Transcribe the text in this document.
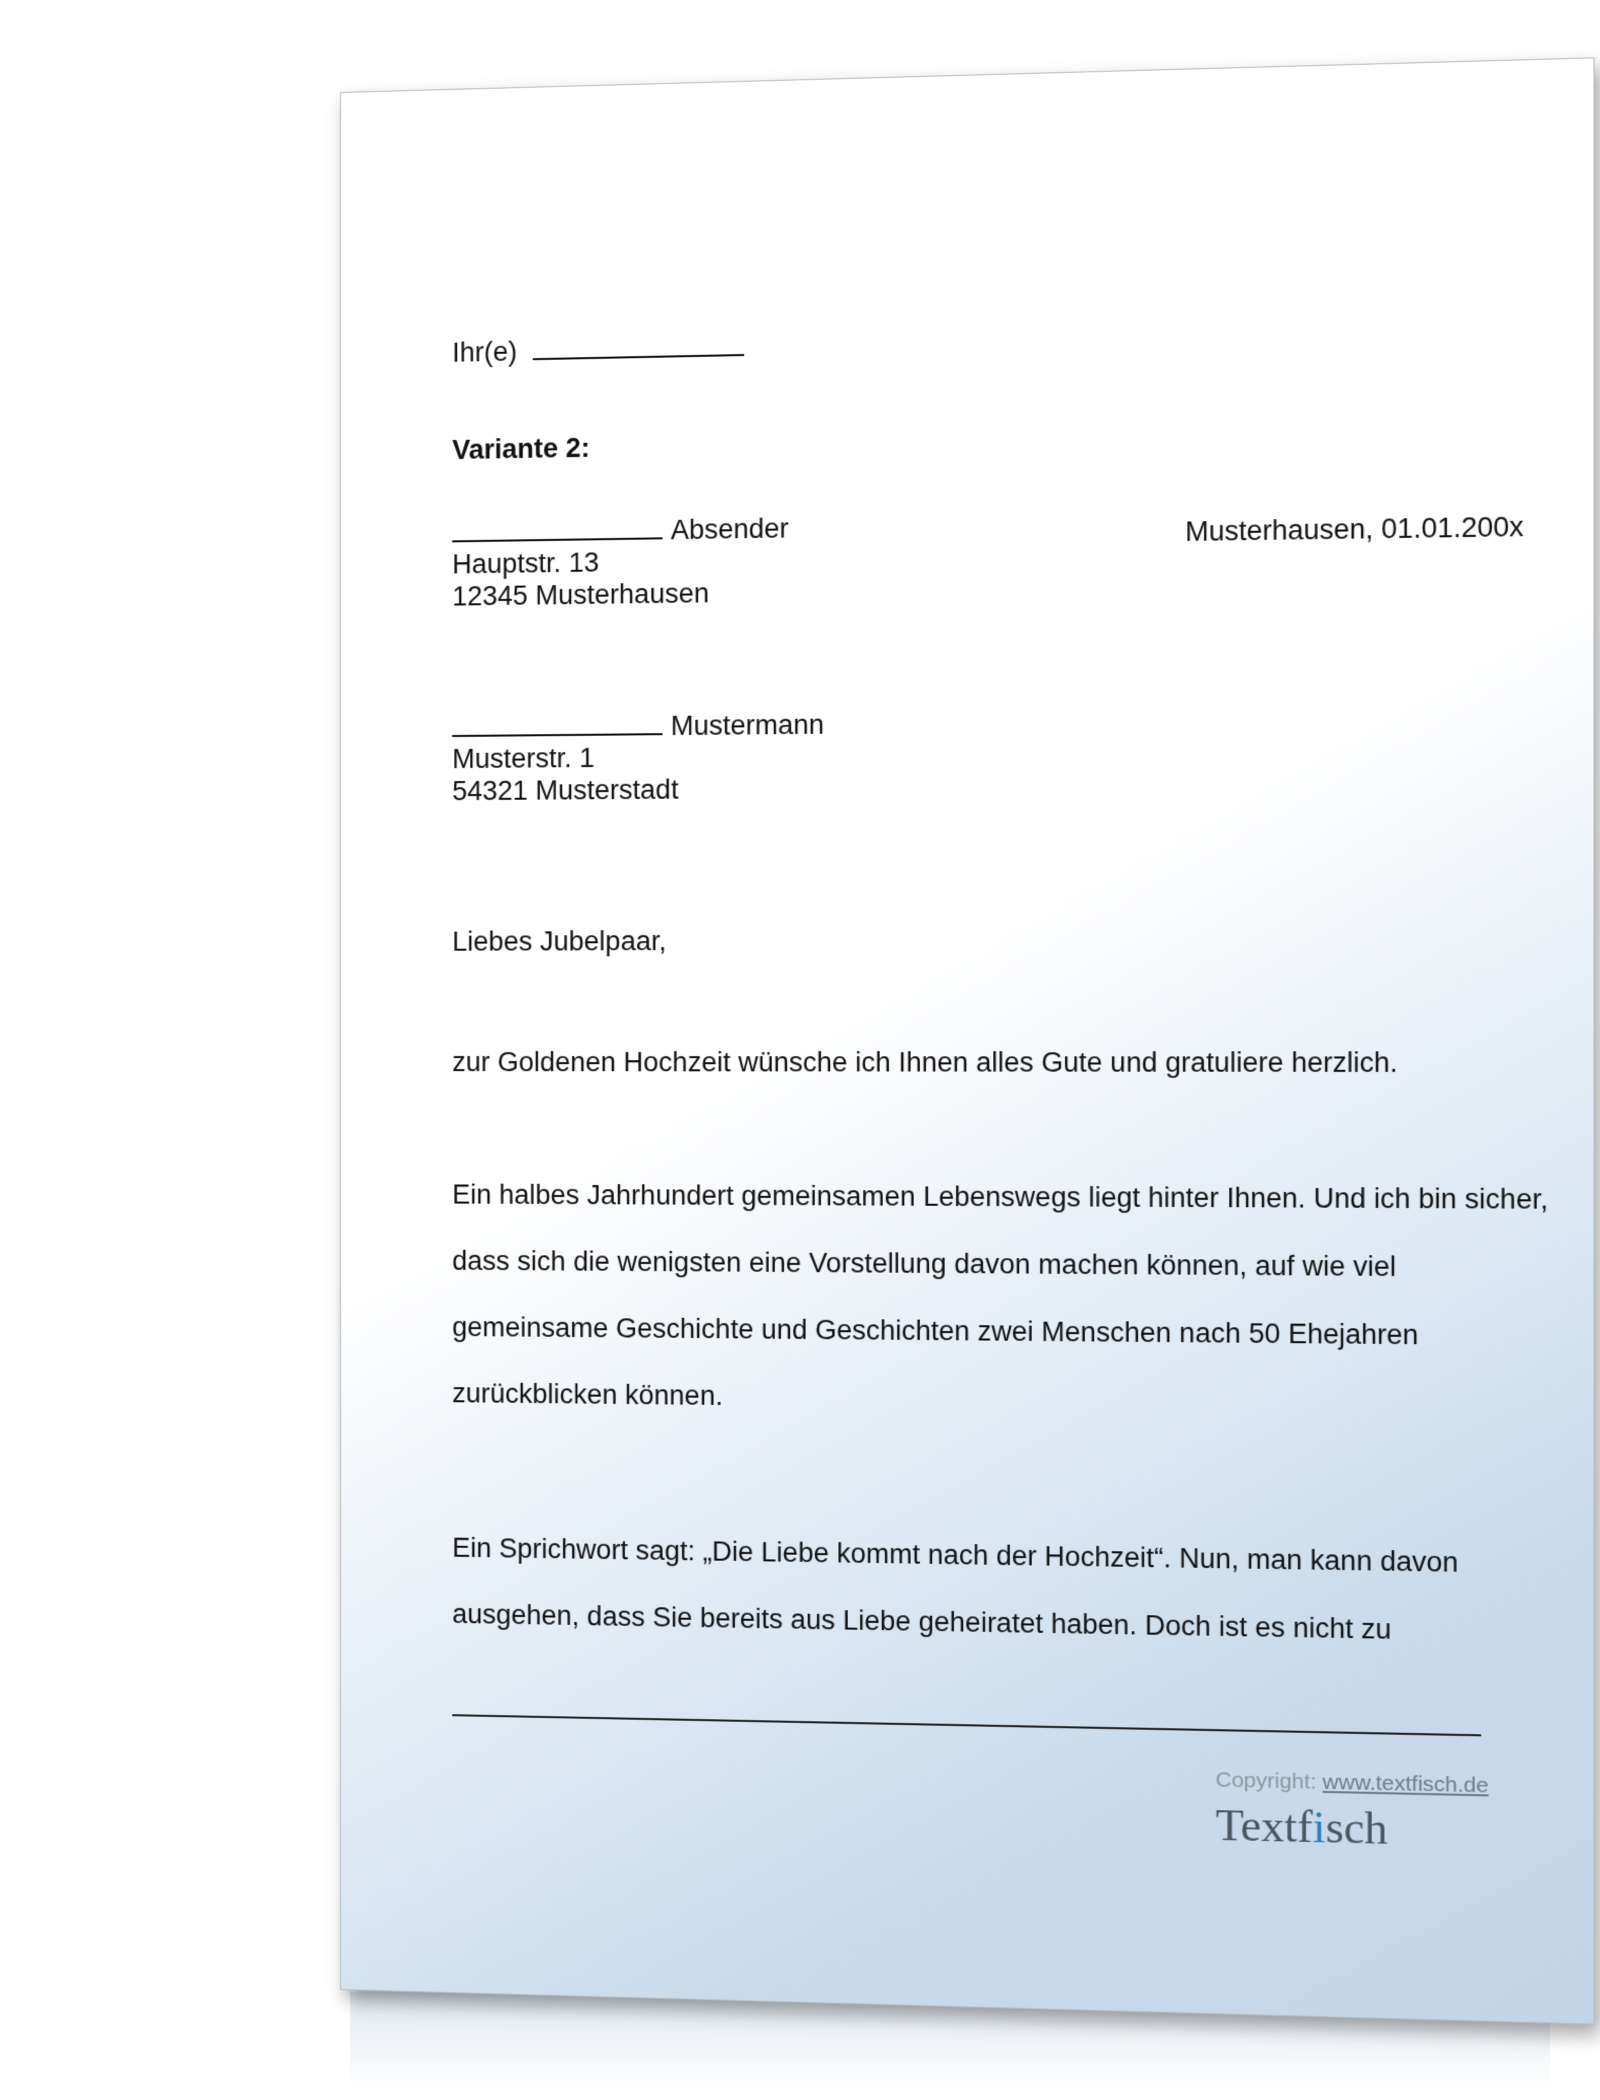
Ihr(e)
Variante 2:
Absender
Hauptstr. 13
12345 Musterhausen
Musterhausen, 01.01.200x
Mustermann
Musterstr. 1
54321 Musterstadt
Liebes Jubelpaar,
zur Goldenen Hochzeit wünsche ich Ihnen alles Gute und gratuliere herzlich.
Ein halbes Jahrhundert gemeinsamen Lebenswegs liegt hinter Ihnen. Und ich bin sicher,
dass sich die wenigsten eine Vorstellung davon machen können, auf wie viel
gemeinsame Geschichte und Geschichten zwei Menschen nach 50 Ehejahren
zurückblicken können.
Ein Sprichwort sagt: „Die Liebe kommt nach der Hochzeit“. Nun, man kann davon
ausgehen, dass Sie bereits aus Liebe geheiratet haben. Doch ist es nicht zu
Copyright: www.textfisch.de
Textfisch
